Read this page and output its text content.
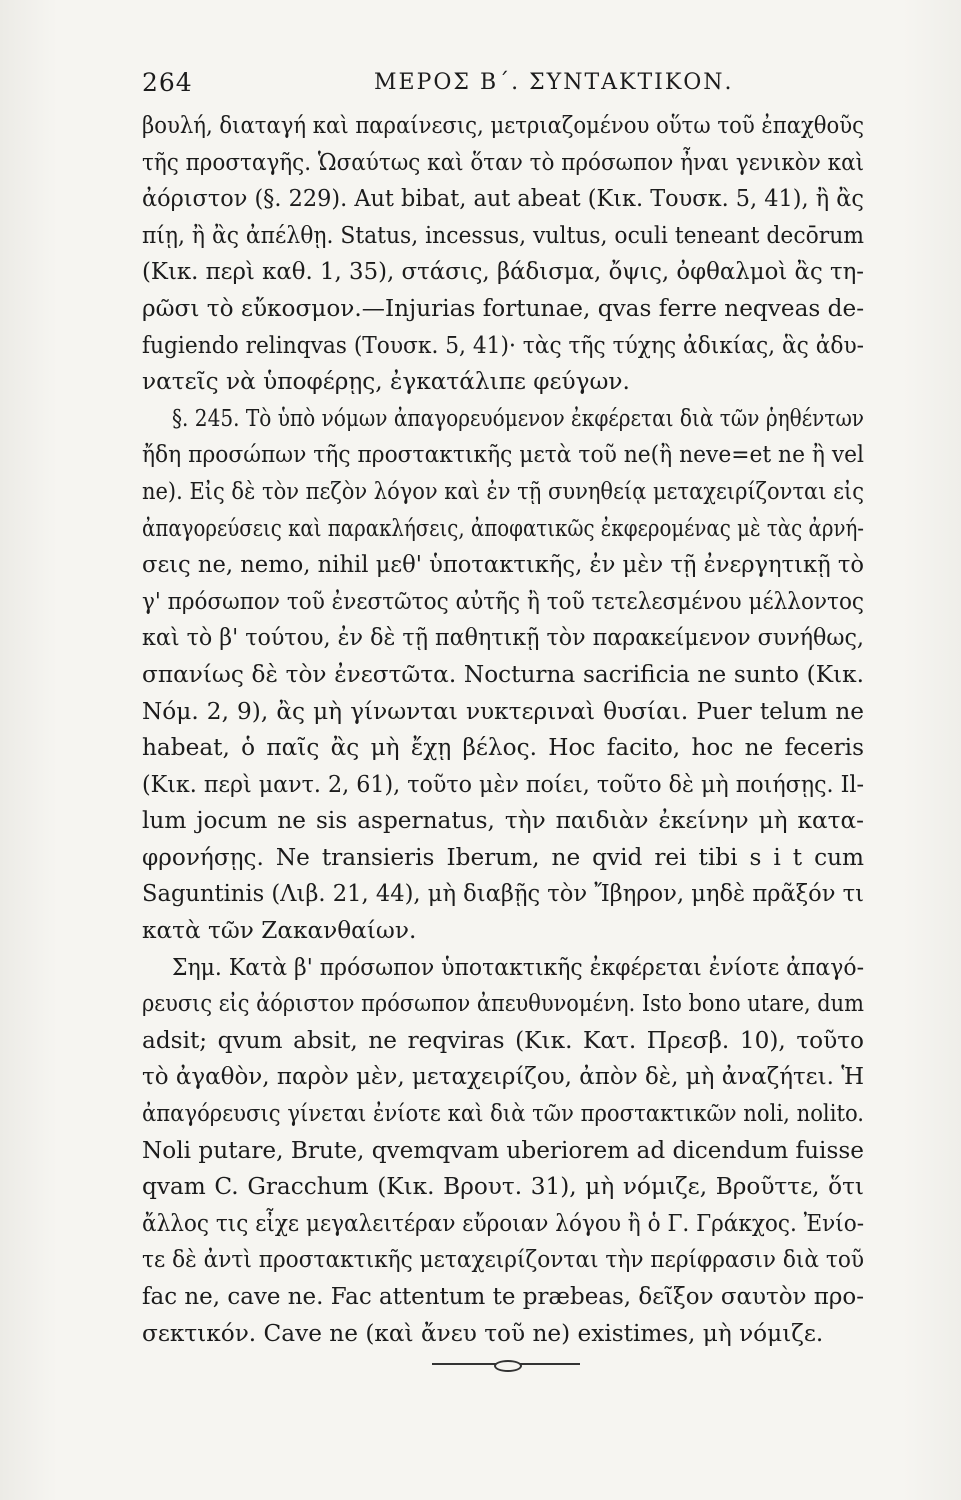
264	ΜΕΡΟΣ Β΄. ΣΥΝΤΑΚΤΙΚΟΝ.
βουλή, διαταγή καὶ παραίνεσις, μετριαζομένου οὕτω τοῦ ἐπαχθοῦς
τῆς προσταγῆς. Ὡσαύτως καὶ ὅταν τὸ πρόσωπον ἦναι γενικὸν καὶ
ἀόριστον (§. 229). Aut bibat, aut abeat (Κικ. Τουσκ. 5, 41), ἢ ἂς
πίῃ, ἢ ἂς ἀπέλθῃ. Status, incessus, vultus, oculi teneant decōrum
(Κικ. περὶ καθ. 1, 35), στάσις, βάδισμα, ὄψις, ὀφθαλμοὶ ἂς τη-
ρῶσι τὸ εὔκοσμον.—Injurias fortunae, qvas ferre neqveas de-
fugiendo relinqvas (Τουσκ. 5, 41)· τὰς τῆς τύχης ἀδικίας, ἃς ἀδυ-
νατεῖς νὰ ὑποφέρῃς, ἐγκατάλιπε φεύγων.
§. 245. Τὸ ὑπὸ νόμων ἀπαγορευόμενον ἐκφέρεται διὰ τῶν ῥηθέντων
ἤδη προσώπων τῆς προστακτικῆς μετὰ τοῦ ne(ἢ neve=et ne ἢ vel
ne). Εἰς δὲ τὸν πεζὸν λόγον καὶ ἐν τῇ συνηθείᾳ μεταχειρίζονται εἰς
ἀπαγορεύσεις καὶ παρακλήσεις, ἀποφατικῶς ἐκφερομένας μὲ τὰς ἀρνή-
σεις ne, nemo, nihil μεθ' ὑποτακτικῆς, ἐν μὲν τῇ ἐνεργητικῇ τὸ
γ' πρόσωπον τοῦ ἐνεστῶτος αὐτῆς ἢ τοῦ τετελεσμένου μέλλοντος
καὶ τὸ β' τούτου, ἐν δὲ τῇ παθητικῇ τὸν παρακείμενον συνήθως,
σπανίως δὲ τὸν ἐνεστῶτα. Nocturna sacrificia ne sunto (Κικ.
Νόμ. 2, 9), ἂς μὴ γίνωνται νυκτεριναὶ θυσίαι. Puer telum ne
habeat, ὁ παῖς ἂς μὴ ἔχῃ βέλος. Hoc facito, hoc ne feceris
(Κικ. περὶ μαντ. 2, 61), τοῦτο μὲν ποίει, τοῦτο δὲ μὴ ποιήσῃς. Il-
lum jocum ne sis aspernatus, τὴν παιδιὰν ἐκείνην μὴ κατα-
φρονήσῃς. Ne transieris Iberum, ne qvid rei tibi s i t cum
Saguntinis (Λιβ. 21, 44), μὴ διαβῇς τὸν Ἴβηρον, μηδὲ πρᾶξόν τι
κατὰ τῶν Ζακανθαίων.
Σημ. Κατὰ β' πρόσωπον ὑποτακτικῆς ἐκφέρεται ἐνίοτε ἀπαγό-
ρευσις εἰς ἀόριστον πρόσωπον ἀπευθυνομένη. Isto bono utare, dum
adsit; qvum absit, ne reqviras (Κικ. Κατ. Πρεσβ. 10), τοῦτο
τὸ ἀγαθὸν, παρὸν μὲν, μεταχειρίζου, ἀπὸν δὲ, μὴ ἀναζήτει. Ἡ
ἀπαγόρευσις γίνεται ἐνίοτε καὶ διὰ τῶν προστακτικῶν noli, nolito.
Noli putare, Brute, qvemqvam uberiorem ad dicendum fuisse
qvam C. Gracchum (Κικ. Βρουτ. 31), μὴ νόμιζε, Βροῦττε, ὅτι
ἄλλος τις εἶχε μεγαλειτέραν εὔροιαν λόγου ἢ ὁ Γ. Γράκχος. Ἐνίο-
τε δὲ ἀντὶ προστακτικῆς μεταχειρίζονται τὴν περίφρασιν διὰ τοῦ
fac ne, cave ne. Fac attentum te præbeas, δεῖξον σαυτὸν προ-
σεκτικόν. Cave ne (καὶ ἄνευ τοῦ ne) existimes, μὴ νόμιζε.
